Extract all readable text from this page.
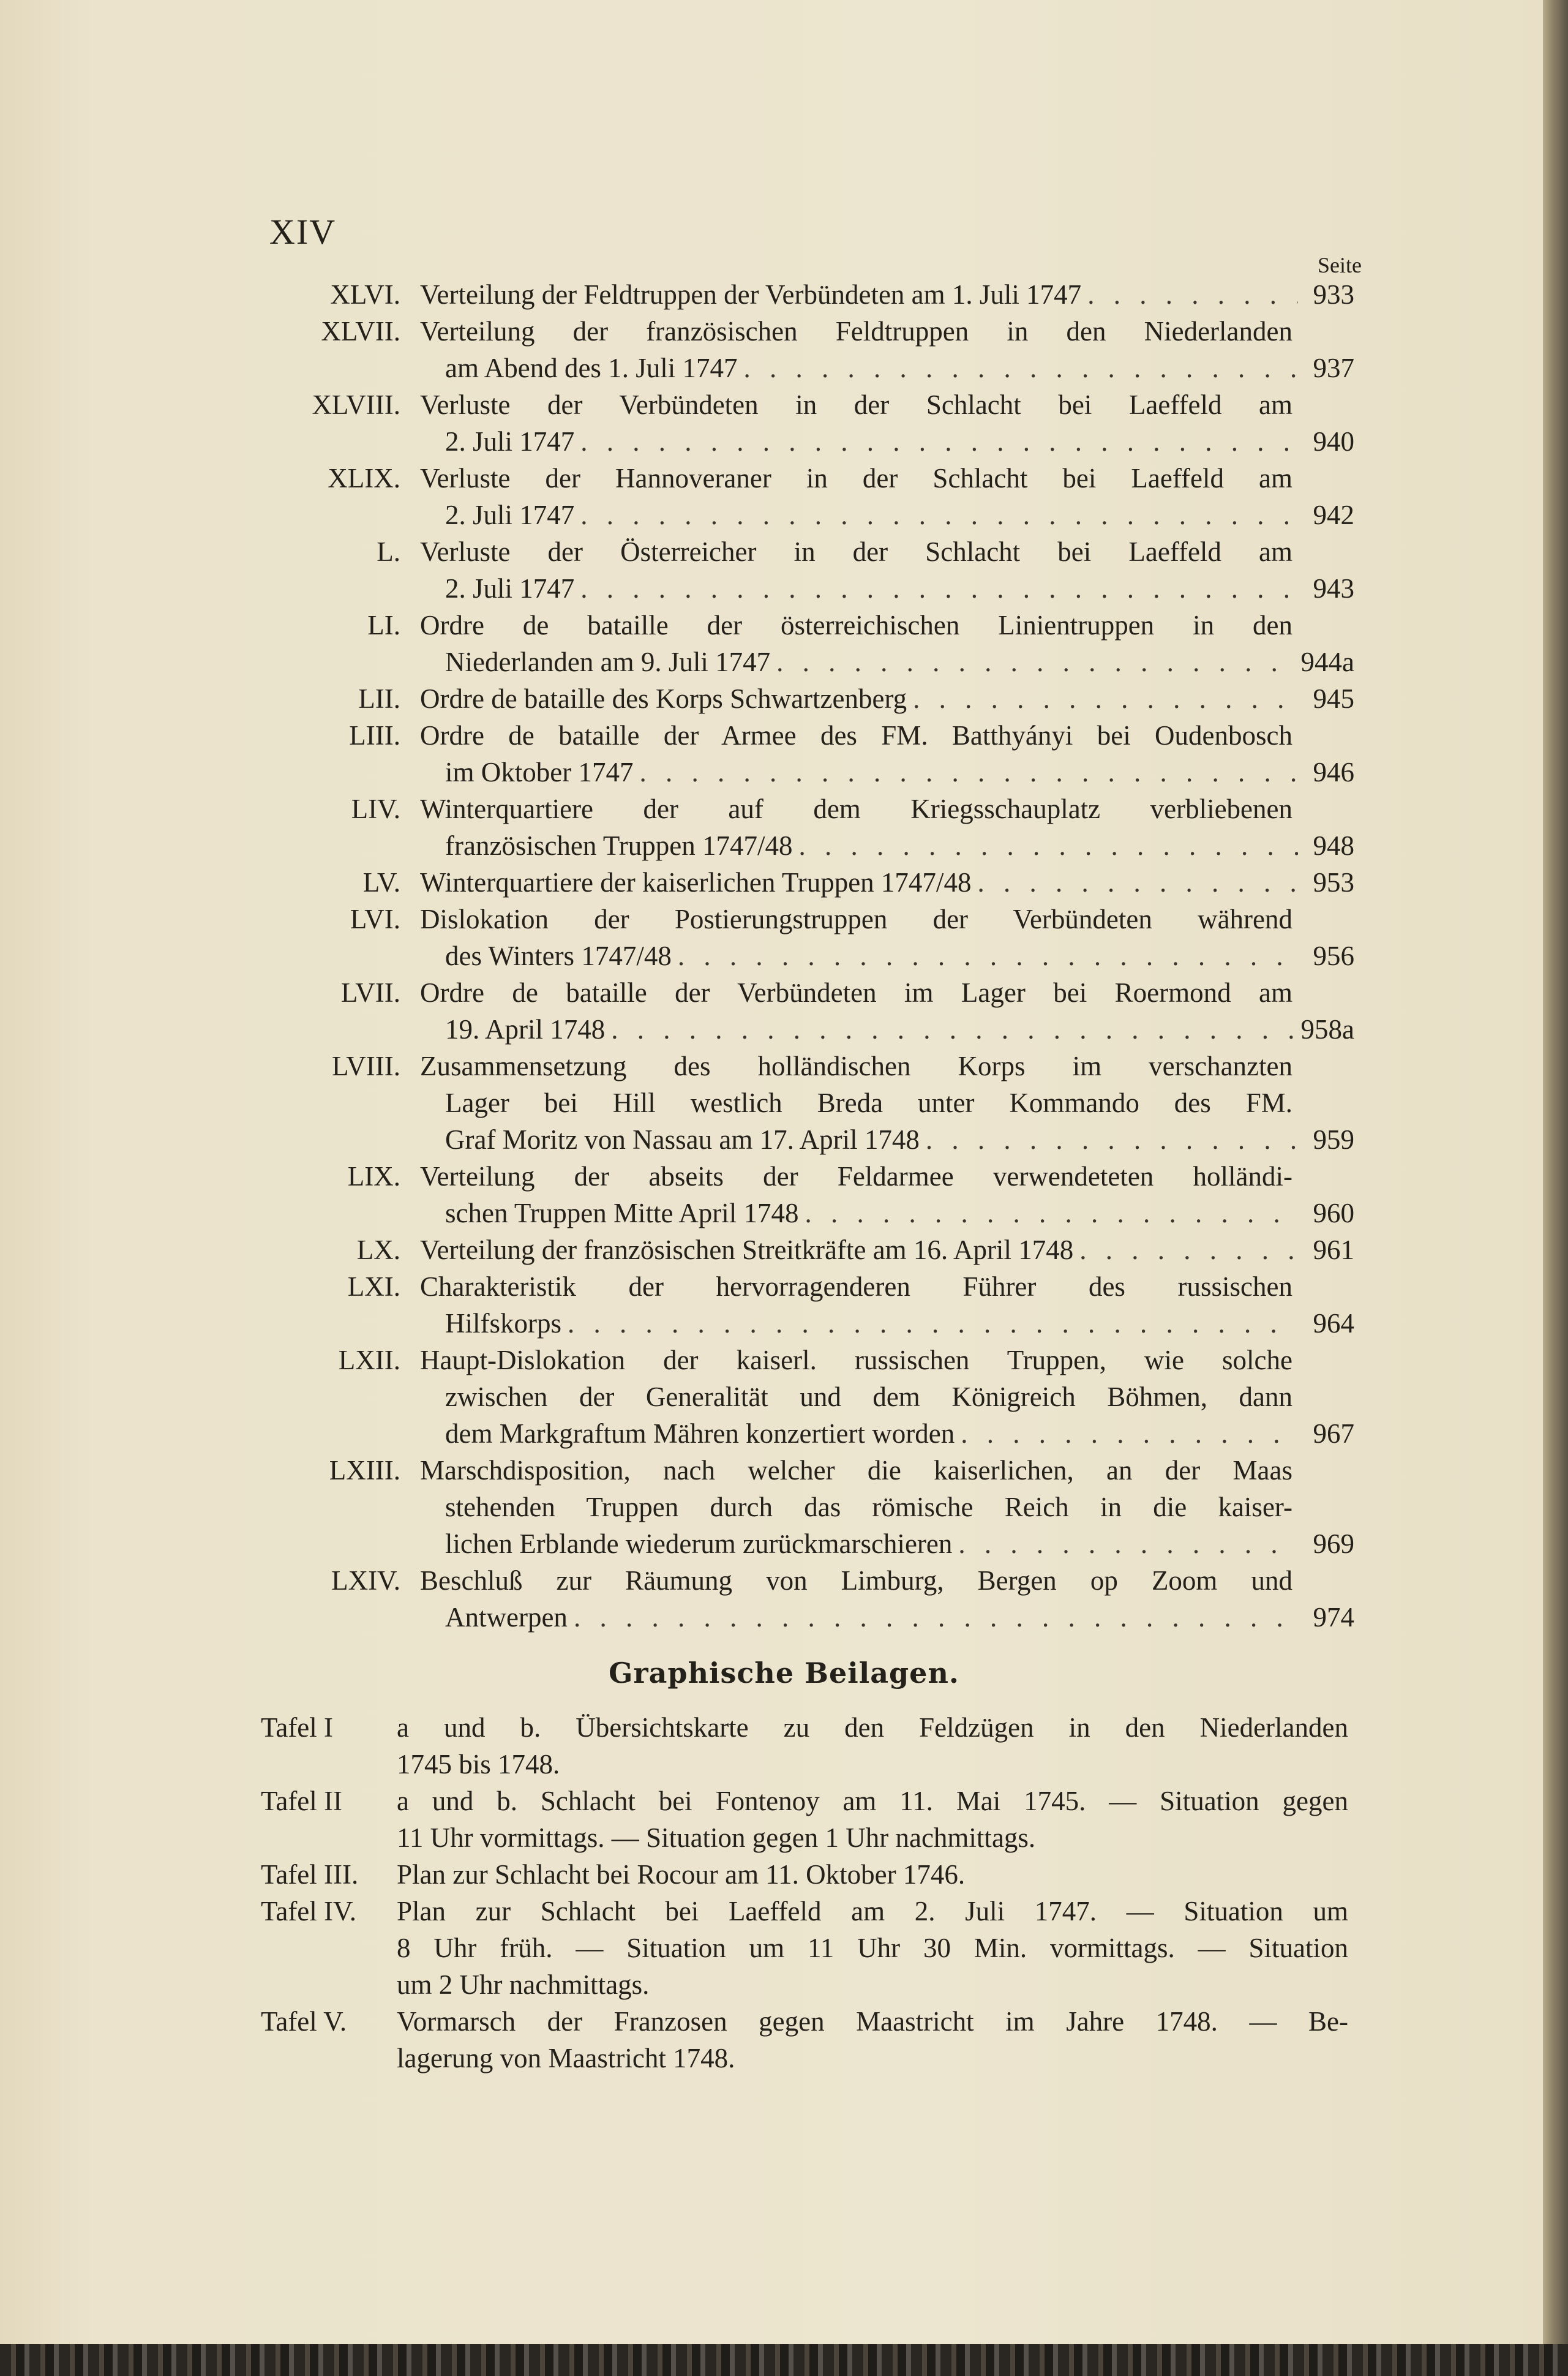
XIV
Seite
XLVI. Verteilung der Feldtruppen der Verbündeten am 1. Juli 1747 . . .	933
XLVII. Verteilung der französischen Feldtruppen in den Niederlanden
am Abend des 1. Juli 1747 . . .	937
XLVIII. Verluste der Verbündeten in der Schlacht bei Laeffeld am
2. Juli 1747 . . .	940
XLIX. Verluste der Hannoveraner in der Schlacht bei Laeffeld am
2. Juli 1747 . . .	942
L. Verluste der Österreicher in der Schlacht bei Laeffeld am
2. Juli 1747 . . .	943
LI. Ordre de bataille der österreichischen Linientruppen in den
Niederlanden am 9. Juli 1747 . . .	944a
LII. Ordre de bataille des Korps Schwartzenberg . . .	945
LIII. Ordre de bataille der Armee des FM. Batthyányi bei Oudenbosch
im Oktober 1747 . . .	946
LIV. Winterquartiere der auf dem Kriegsschauplatz verbliebenen
französischen Truppen 1747/48 . . .	948
LV. Winterquartiere der kaiserlichen Truppen 1747/48 . . .	953
LVI. Dislokation der Postierungstruppen der Verbündeten während
des Winters 1747/48 . . .	956
LVII. Ordre de bataille der Verbündeten im Lager bei Roermond am
19. April 1748 . . .	958a
LVIII. Zusammensetzung des holländischen Korps im verschanzten
Lager bei Hill westlich Breda unter Kommando des FM.
Graf Moritz von Nassau am 17. April 1748 . . .	959
LIX. Verteilung der abseits der Feldarmee verwendeteten holländi-
schen Truppen Mitte April 1748 . . .	960
LX. Verteilung der französischen Streitkräfte am 16. April 1748 . . .	961
LXI. Charakteristik der hervorragenderen Führer des russischen
Hilfskorps . . .	964
LXII. Haupt-Dislokation der kaiserl. russischen Truppen, wie solche
zwischen der Generalität und dem Königreich Böhmen, dann
dem Markgraftum Mähren konzertiert worden . . .	967
LXIII. Marschdisposition, nach welcher die kaiserlichen, an der Maas
stehenden Truppen durch das römische Reich in die kaiser-
lichen Erblande wiederum zurückmarschieren . . .	969
LXIV. Beschluß zur Räumung von Limburg, Bergen op Zoom und
Antwerpen . . .	974
Graphische Beilagen.
Tafel I a und b. Übersichtskarte zu den Feldzügen in den Niederlanden
1745 bis 1748.
Tafel II a und b. Schlacht bei Fontenoy am 11. Mai 1745. — Situation gegen
11 Uhr vormittags. — Situation gegen 1 Uhr nachmittags.
Tafel III. Plan zur Schlacht bei Rocour am 11. Oktober 1746.
Tafel IV. Plan zur Schlacht bei Laeffeld am 2. Juli 1747. — Situation um
8 Uhr früh. — Situation um 11 Uhr 30 Min. vormittags. — Situation
um 2 Uhr nachmittags.
Tafel V. Vormarsch der Franzosen gegen Maastricht im Jahre 1748. — Be-
lagerung von Maastricht 1748.
